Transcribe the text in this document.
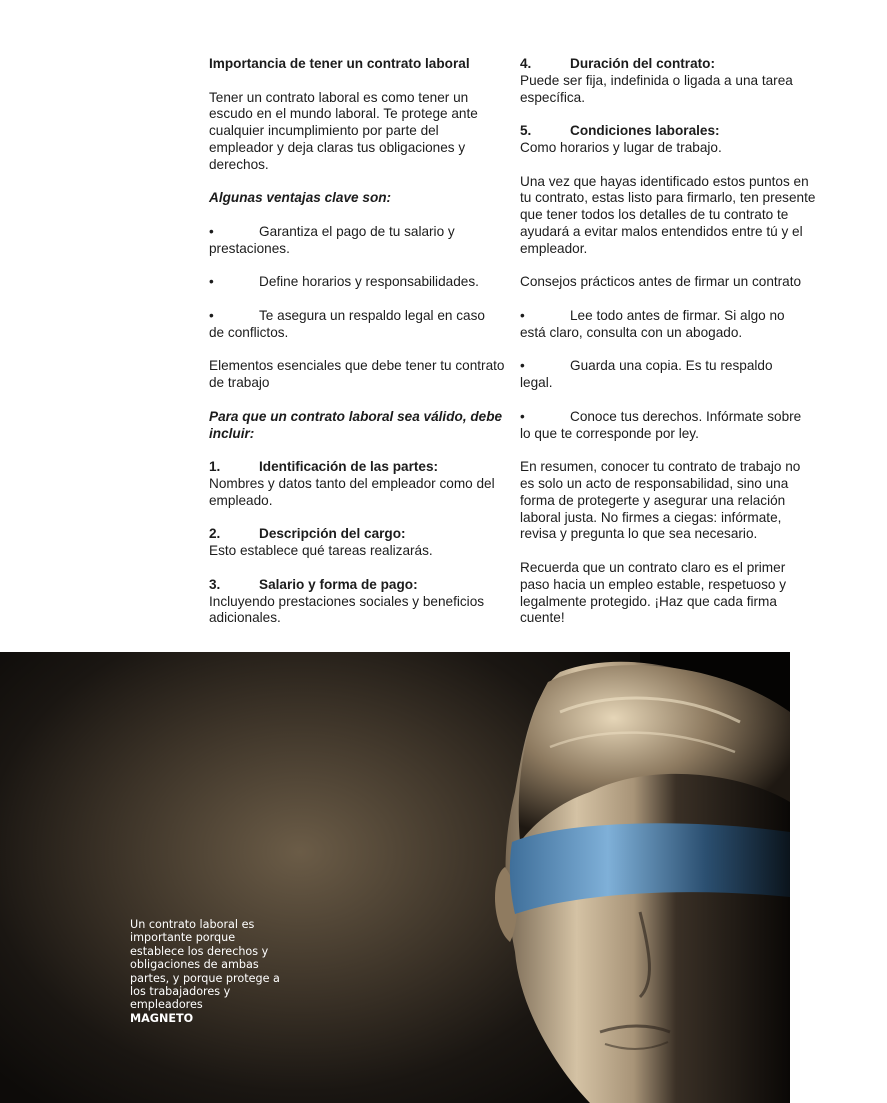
Importancia de tener un contrato laboral

Tener un contrato laboral es como tener un escudo en el mundo laboral. Te protege ante cualquier incumplimiento por parte del empleador y deja claras tus obligaciones y derechos.

Algunas ventajas clave son:

•	Garantiza el pago de tu salario y

prestaciones.

•	Define horarios y responsabilidades.

•	Te asegura un respaldo legal en caso

de conflictos.

Elementos esenciales que debe tener tu contrato de trabajo

Para que un contrato laboral sea válido, debe incluir:

1.	Identificación de las partes:
Nombres y datos tanto del empleador como del empleado.

2.	Descripción del cargo:
Esto establece qué tareas realizarás.

3.	Salario y forma de pago:
Incluyendo prestaciones sociales y beneficios adicionales.

4.	Duración del contrato:
Puede ser fija, indefinida o ligada a una tarea específica.

5.	Condiciones laborales:
Como horarios y lugar de trabajo.

Una vez que hayas identificado estos puntos en tu contrato, estas listo para firmarlo, ten presente que tener todos los detalles de tu contrato te ayudará a evitar malos entendidos entre tú y el empleador.

Consejos prácticos antes de firmar un contrato

•	Lee todo antes de firmar. Si algo no

está claro, consulta con un abogado.

•	Guarda una copia. Es tu respaldo

legal.

•	Conoce tus derechos. Infórmate sobre

lo que te corresponde por ley.

En resumen, conocer tu contrato de trabajo no es solo un acto de responsabilidad, sino una forma de protegerte y asegurar una relación laboral justa. No firmes a ciegas: infórmate, revisa y pregunta lo que sea necesario.

Recuerda que un contrato claro es el primer paso hacia un empleo estable, respetuoso y legalmente protegido. ¡Haz que cada firma cuente!

Un contrato laboral es importante porque establece los derechos y obligaciones de ambas partes, y porque protege a los trabajadores y empleadores
MAGNETO
